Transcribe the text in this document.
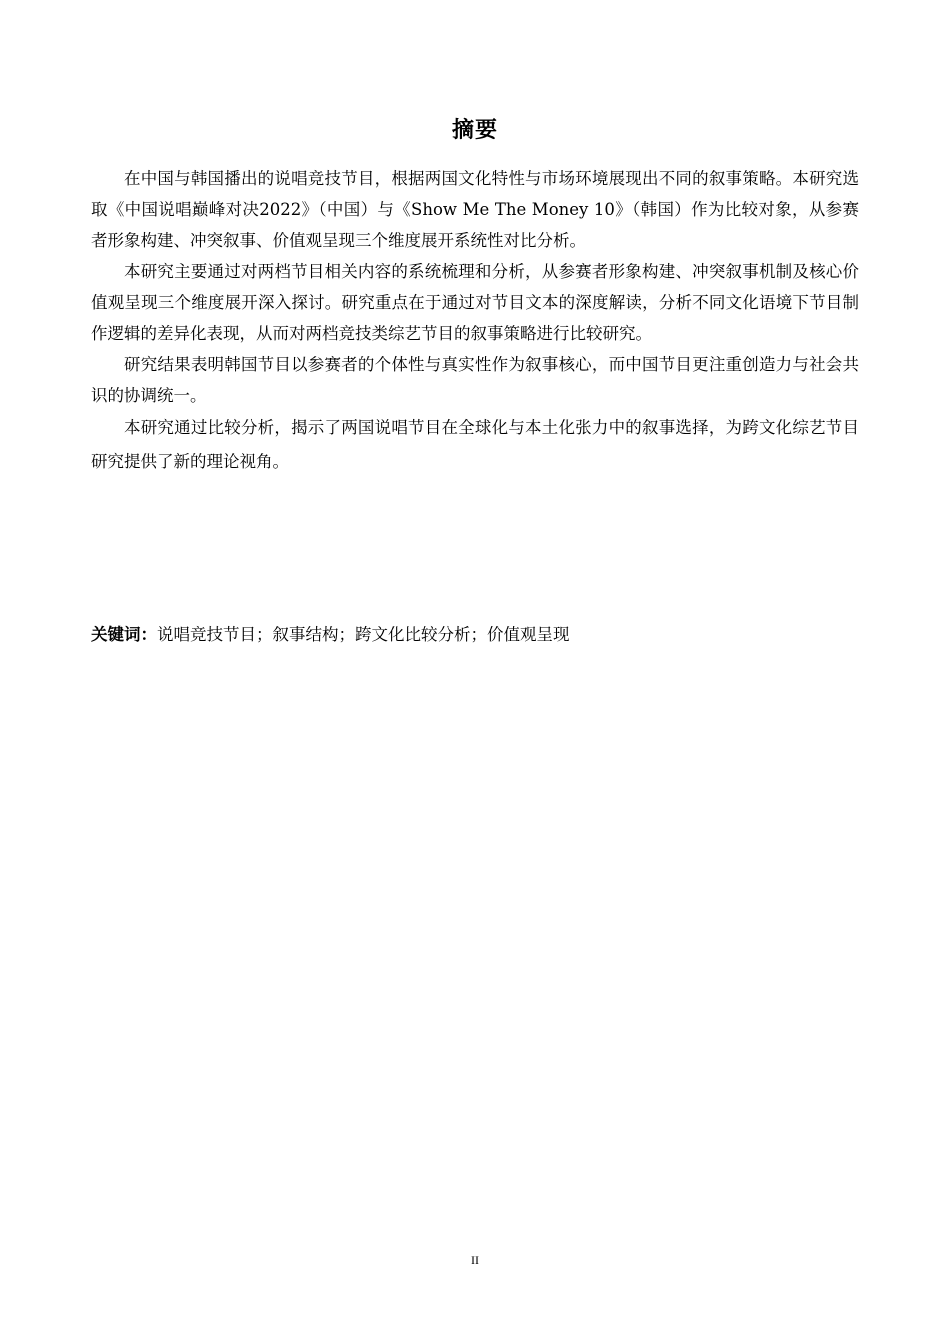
摘要

在中国与韩国播出的说唱竞技节目，根据两国文化特性与市场环境展现出不同的叙事策略。本研究选取《中国说唱巅峰对决2022》（中国）与《Show Me The Money 10》（韩国）作为比较对象，从参赛者形象构建、冲突叙事、价值观呈现三个维度展开系统性对比分析。

本研究主要通过对两档节目相关内容的系统梳理和分析，从参赛者形象构建、冲突叙事机制及核心价值观呈现三个维度展开深入探讨。研究重点在于通过对节目文本的深度解读，分析不同文化语境下节目制作逻辑的差异化表现，从而对两档竞技类综艺节目的叙事策略进行比较研究。

研究结果表明韩国节目以参赛者的个体性与真实性作为叙事核心，而中国节目更注重创造力与社会共识的协调统一。

本研究通过比较分析，揭示了两国说唱节目在全球化与本土化张力中的叙事选择，为跨文化综艺节目研究提供了新的理论视角。

关键词：说唱竞技节目；叙事结构；跨文化比较分析；价值观呈现
II
